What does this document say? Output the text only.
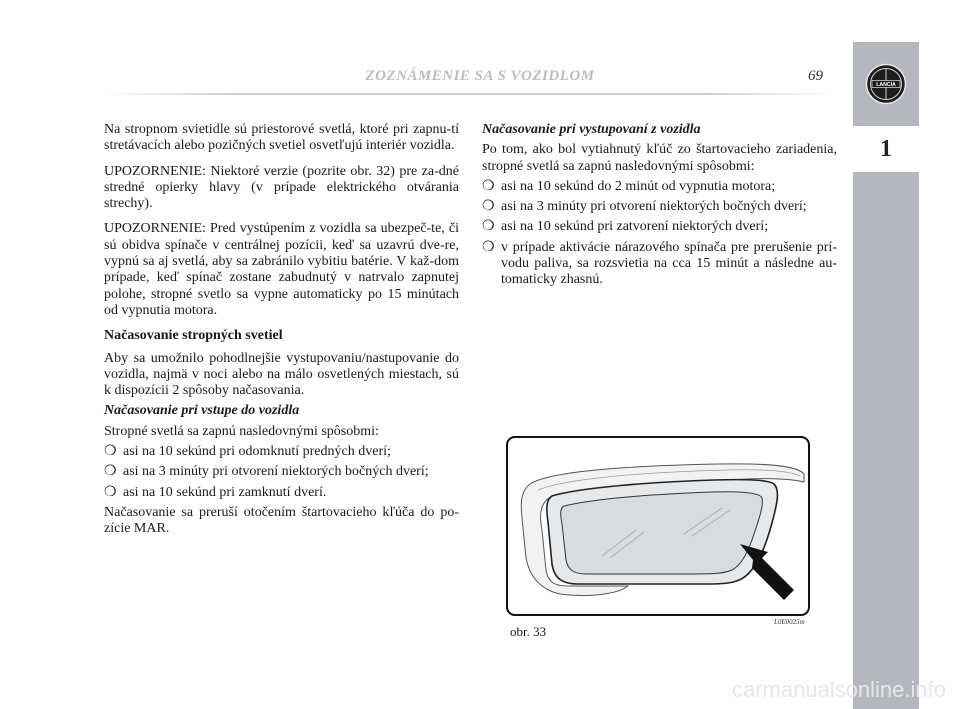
ZOZNÁMENIE SA S VOZIDLOM	69
LANCIA
1

Na stropnom svietidle sú priestorové svetlá, ktoré pri zapnu-tí stretávacích alebo pozičných svetiel osvetľujú interiér vozidla.

UPOZORNENIE: Niektoré verzie (pozrite obr. 32) pre za-dné stredné opierky hlavy (v prípade elektrického otvárania strechy).

UPOZORNENIE: Pred vystúpením z vozidla sa ubezpeč-te, či sú obidva spínače v centrálnej pozícii, keď sa uzavrú dve-re, vypnú sa aj svetlá, aby sa zabránilo vybitiu batérie. V kaž-dom prípade, keď spínač zostane zabudnutý v natrvalo zapnutej polohe, stropné svetlo sa vypne automaticky po 15 minútach od vypnutia motora.

Načasovanie stropných svetiel

Aby sa umožnilo pohodlnejšie vystupovaniu/nastupovanie do vozidla, najmä v noci alebo na málo osvetlených miestach, sú k dispozícii 2 spôsoby načasovania.

Načasovanie pri vstupe do vozidla

Stropné svetlá sa zapnú nasledovnými spôsobmi:

❍ asi na 10 sekúnd pri odomknutí predných dverí;
❍ asi na 3 minúty pri otvorení niektorých bočných dverí;
❍ asi na 10 sekúnd pri zamknutí dverí.

Načasovanie sa preruší otočením štartovacieho kľúča do po-zície MAR.

Načasovanie pri vystupovaní z vozidla

Po tom, ako bol vytiahnutý kľúč zo štartovacieho zariadenia, stropné svetlá sa zapnú nasledovnými spôsobmi:

❍ asi na 10 sekúnd do 2 minút od vypnutia motora;
❍ asi na 3 minúty pri otvorení niektorých bočných dverí;
❍ asi na 10 sekúnd pri zatvorení niektorých dverí;
❍ v prípade aktivácie nárazového spínača pre prerušenie prí-vodu paliva, sa rozsvietia na cca 15 minút a následne au-tomaticky zhasnú.
obr. 33
L0E0025m
carmanualsonline.info
